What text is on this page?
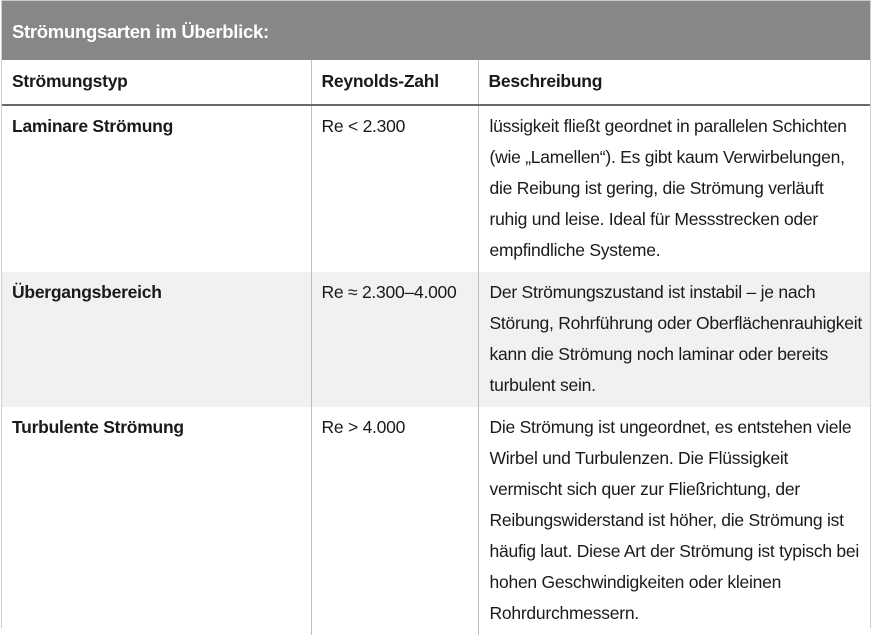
Strömungsarten im Überblick:
Strömungstyp	Reynolds-Zahl	Beschreibung

Laminare Strömung	Re < 2.300	lüssigkeit fließt geordnet in parallelen Schichten (wie „Lamellen“). Es gibt kaum Verwirbelungen, die Reibung ist gering, die Strömung verläuft ruhig und leise. Ideal für Messstrecken oder empfindliche Systeme.

Übergangsbereich	Re ≈ 2.300–4.000	Der Strömungszustand ist instabil – je nach Störung, Rohrführung oder Oberflächenrauhigkeit kann die Strömung noch laminar oder bereits turbulent sein.

Turbulente Strömung	Re > 4.000	Die Strömung ist ungeordnet, es entstehen viele Wirbel und Turbulenzen. Die Flüssigkeit vermischt sich quer zur Fließrichtung, der Reibungswiderstand ist höher, die Strömung ist häufig laut. Diese Art der Strömung ist typisch bei hohen Geschwindigkeiten oder kleinen Rohrdurchmessern.
